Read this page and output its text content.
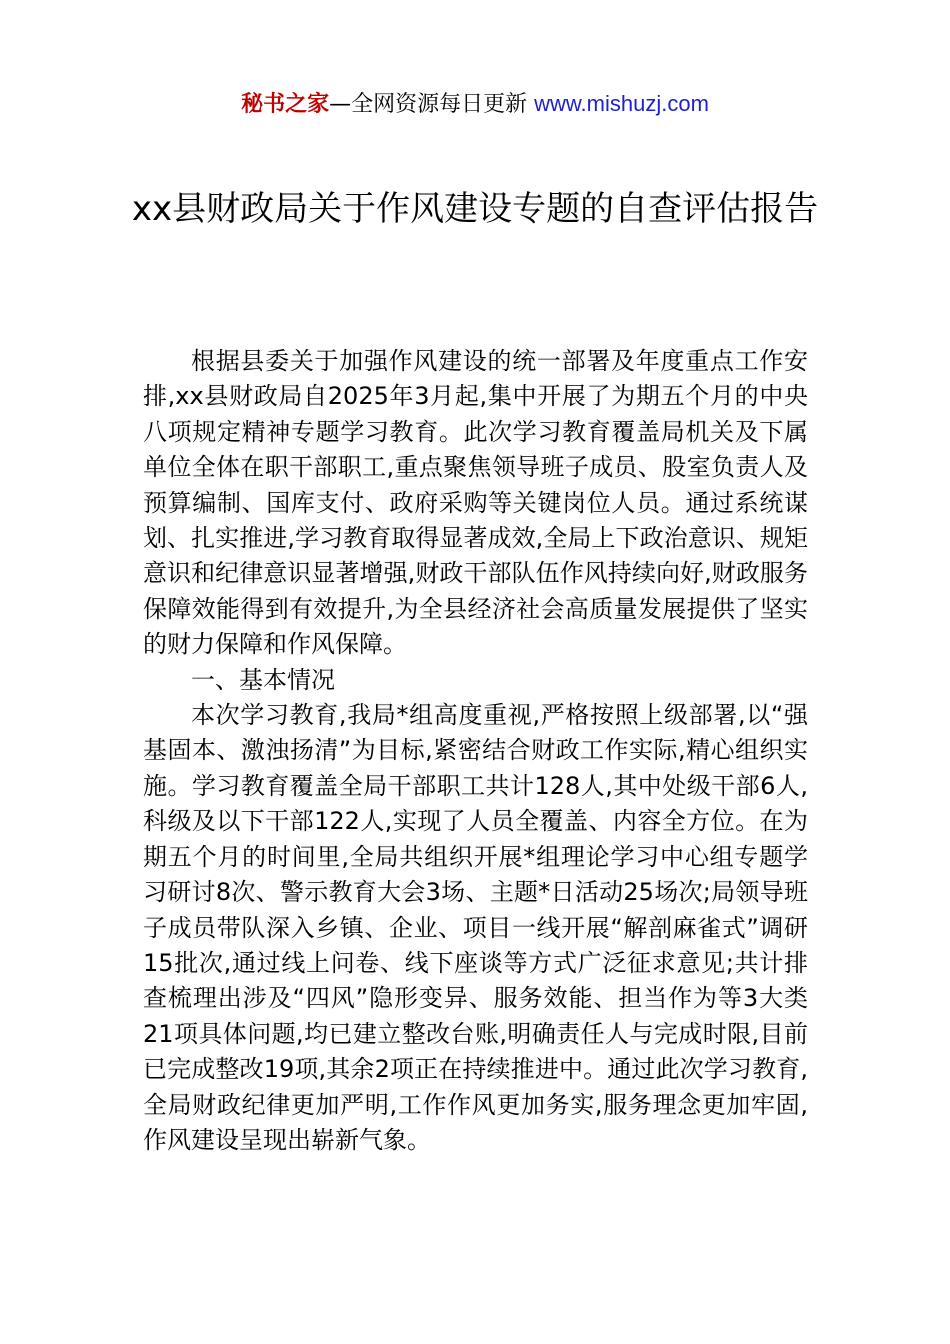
秘书之家—全网资源每日更新 www.mishuzj.com
xx县财政局关于作风建设专题的自查评估报告

根据县委关于加强作风建设的统一部署及年度重点工作安排,xx县财政局自2025年3月起,集中开展了为期五个月的中央八项规定精神专题学习教育。此次学习教育覆盖局机关及下属单位全体在职干部职工,重点聚焦领导班子成员、股室负责人及预算编制、国库支付、政府采购等关键岗位人员。通过系统谋划、扎实推进,学习教育取得显著成效,全局上下政治意识、规矩意识和纪律意识显著增强,财政干部队伍作风持续向好,财政服务保障效能得到有效提升,为全县经济社会高质量发展提供了坚实的财力保障和作风保障。

一、基本情况

本次学习教育,我局*组高度重视,严格按照上级部署,以“强基固本、激浊扬清”为目标,紧密结合财政工作实际,精心组织实施。学习教育覆盖全局干部职工共计128人,其中处级干部6人,科级及以下干部122人,实现了人员全覆盖、内容全方位。在为期五个月的时间里,全局共组织开展*组理论学习中心组专题学习研讨8次、警示教育大会3场、主题*日活动25场次;局领导班子成员带队深入乡镇、企业、项目一线开展“解剖麻雀式”调研15批次,通过线上问卷、线下座谈等方式广泛征求意见;共计排查梳理出涉及“四风”隐形变异、服务效能、担当作为等3大类21项具体问题,均已建立整改台账,明确责任人与完成时限,目前已完成整改19项,其余2项正在持续推进中。通过此次学习教育,全局财政纪律更加严明,工作作风更加务实,服务理念更加牢固,作风建设呈现出崭新气象。
